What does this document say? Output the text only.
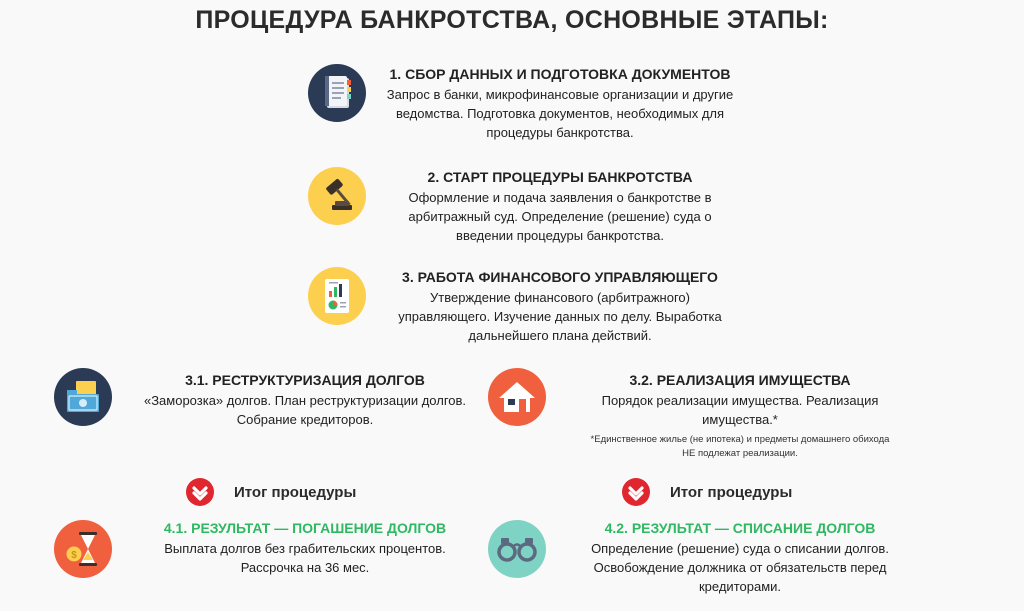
ПРОЦЕДУРА БАНКРОТСТВА, ОСНОВНЫЕ ЭТАПЫ:
1. СБОР ДАННЫХ И ПОДГОТОВКА ДОКУМЕНТОВ
Запрос в банки, микрофинансовые организации и другие
ведомства. Подготовка документов, необходимых для
процедуры банкротства.
2. СТАРТ ПРОЦЕДУРЫ БАНКРОТСТВА
Оформление и подача заявления о банкротстве в
арбитражный суд. Определение (решение) суда о
введении процедуры банкротства.
3. РАБОТА ФИНАНСОВОГО УПРАВЛЯЮЩЕГО
Утверждение финансового (арбитражного)
управляющего. Изучение данных по делу. Выработка
дальнейшего плана действий.
3.1. РЕСТРУКТУРИЗАЦИЯ ДОЛГОВ
«Заморозка» долгов. План реструктуризации долгов.
Собрание кредиторов.
3.2. РЕАЛИЗАЦИЯ ИМУЩЕСТВА
Порядок реализации имущества. Реализация
имущества.*
*Единственное жилье (не ипотека) и предметы домашнего обихода
НЕ подлежат реализации.
Итог процедуры	Итог процедуры
$
4.1. РЕЗУЛЬТАТ — ПОГАШЕНИЕ ДОЛГОВ
Выплата долгов без грабительских процентов.
Рассрочка на 36 мес.
4.2. РЕЗУЛЬТАТ — СПИСАНИЕ ДОЛГОВ
Определение (решение) суда о списании долгов.
Освобождение должника от обязательств перед
кредиторами.
